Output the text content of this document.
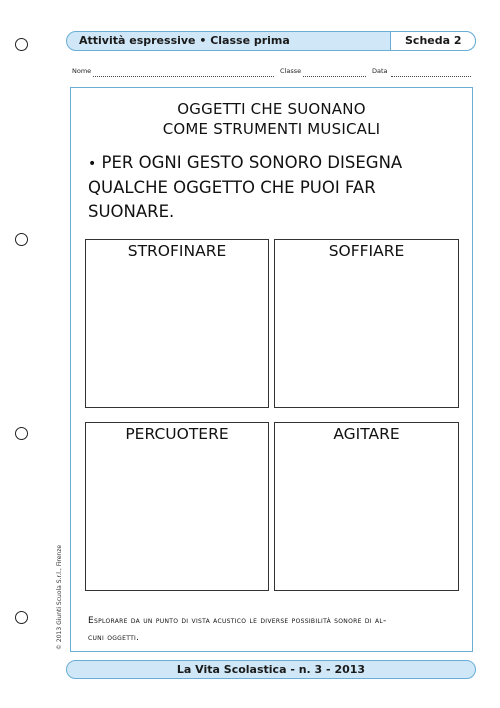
Attività espressive • Classe prima	Scheda 2
Nome	Classe	Data
OGGETTI CHE SUONANO
COME STRUMENTI MUSICALI
• PER OGNI GESTO SONORO DISEGNA
QUALCHE OGGETTO CHE PUOI FAR
SUONARE.
STROFINARE	SOFFIARE
PERCUOTERE	AGITARE
Esplorare da un punto di vista acustico le diverse possibilità sonore di al-
cuni oggetti.
© 2013 Giunti Scuola S.r.l., Firenze
La Vita Scolastica - n. 3 - 2013
